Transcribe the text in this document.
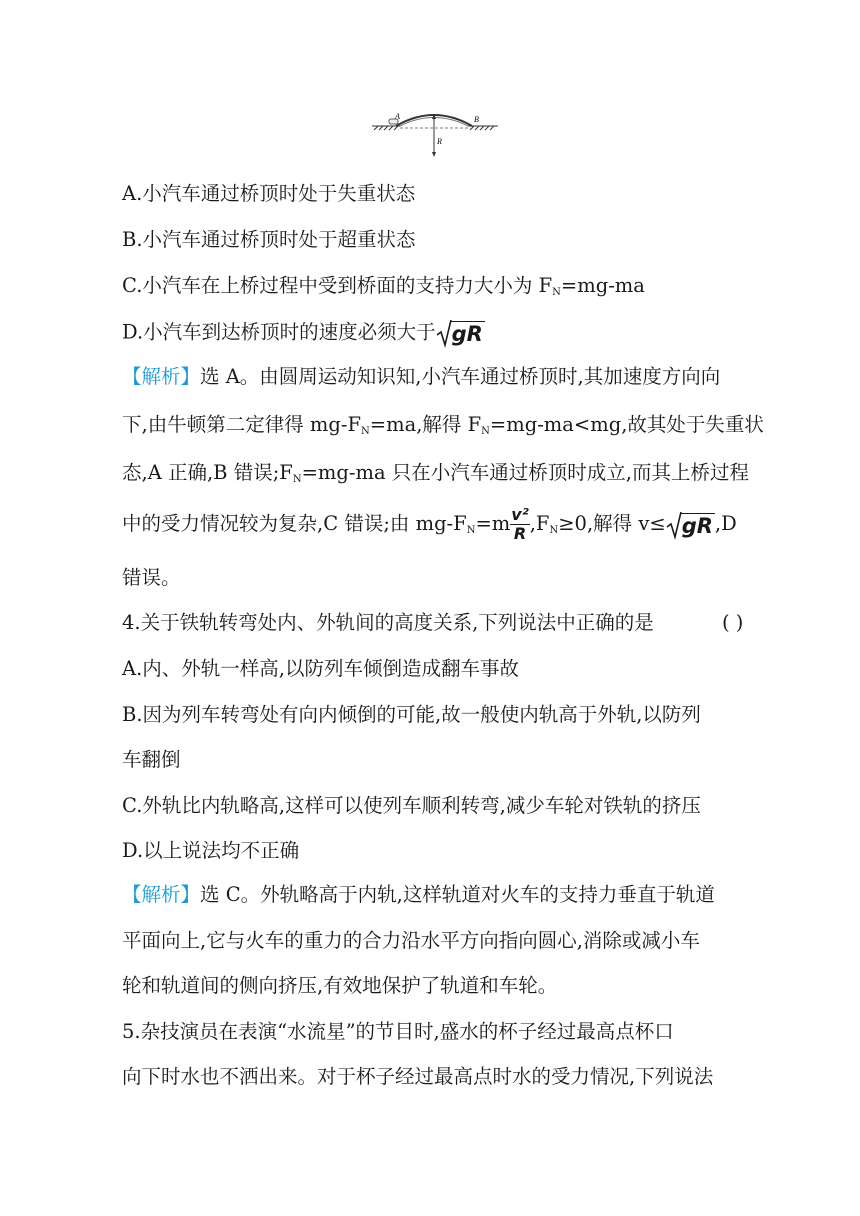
A	B
R
A.小汽车通过桥顶时处于失重状态
B.小汽车通过桥顶时处于超重状态
C.小汽车在上桥过程中受到桥面的支持力大小为 $F_N=mg-ma$
D.小汽车到达桥顶时的速度必须大于 gR
【解析】选 A。由圆周运动知识知,小汽车通过桥顶时,其加速度方向向
下,由牛顿第二定律得 $mg-F_N=ma$,解得 $F_N=mg-ma<mg$,故其处于失重状
态,A 正确,B 错误$;F_N=mg-ma$ 只在小汽车通过桥顶时成立,而其上桥过程
中的受力情况较为复杂,C 错误;由 $mg-F_N=m \frac{\text{v²}}{R} ,F_N\ge 0$,解得 v≤ gR ,D
错误。
4.关于铁轨转弯处内、外轨间的高度关系,下列说法中正确的是	( )
A.内、外轨一样高,以防列车倾倒造成翻车事故
B.因为列车转弯处有向内倾倒的可能,故一般使内轨高于外轨,以防列
车翻倒
C.外轨比内轨略高,这样可以使列车顺利转弯,减少车轮对铁轨的挤压
D.以上说法均不正确
【解析】选 C。外轨略高于内轨,这样轨道对火车的支持力垂直于轨道
平面向上,它与火车的重力的合力沿水平方向指向圆心,消除或减小车
轮和轨道间的侧向挤压,有效地保护了轨道和车轮。
5.杂技演员在表演“水流星”的节目时,盛水的杯子经过最高点杯口
向下时水也不洒出来。对于杯子经过最高点时水的受力情况,下列说法
